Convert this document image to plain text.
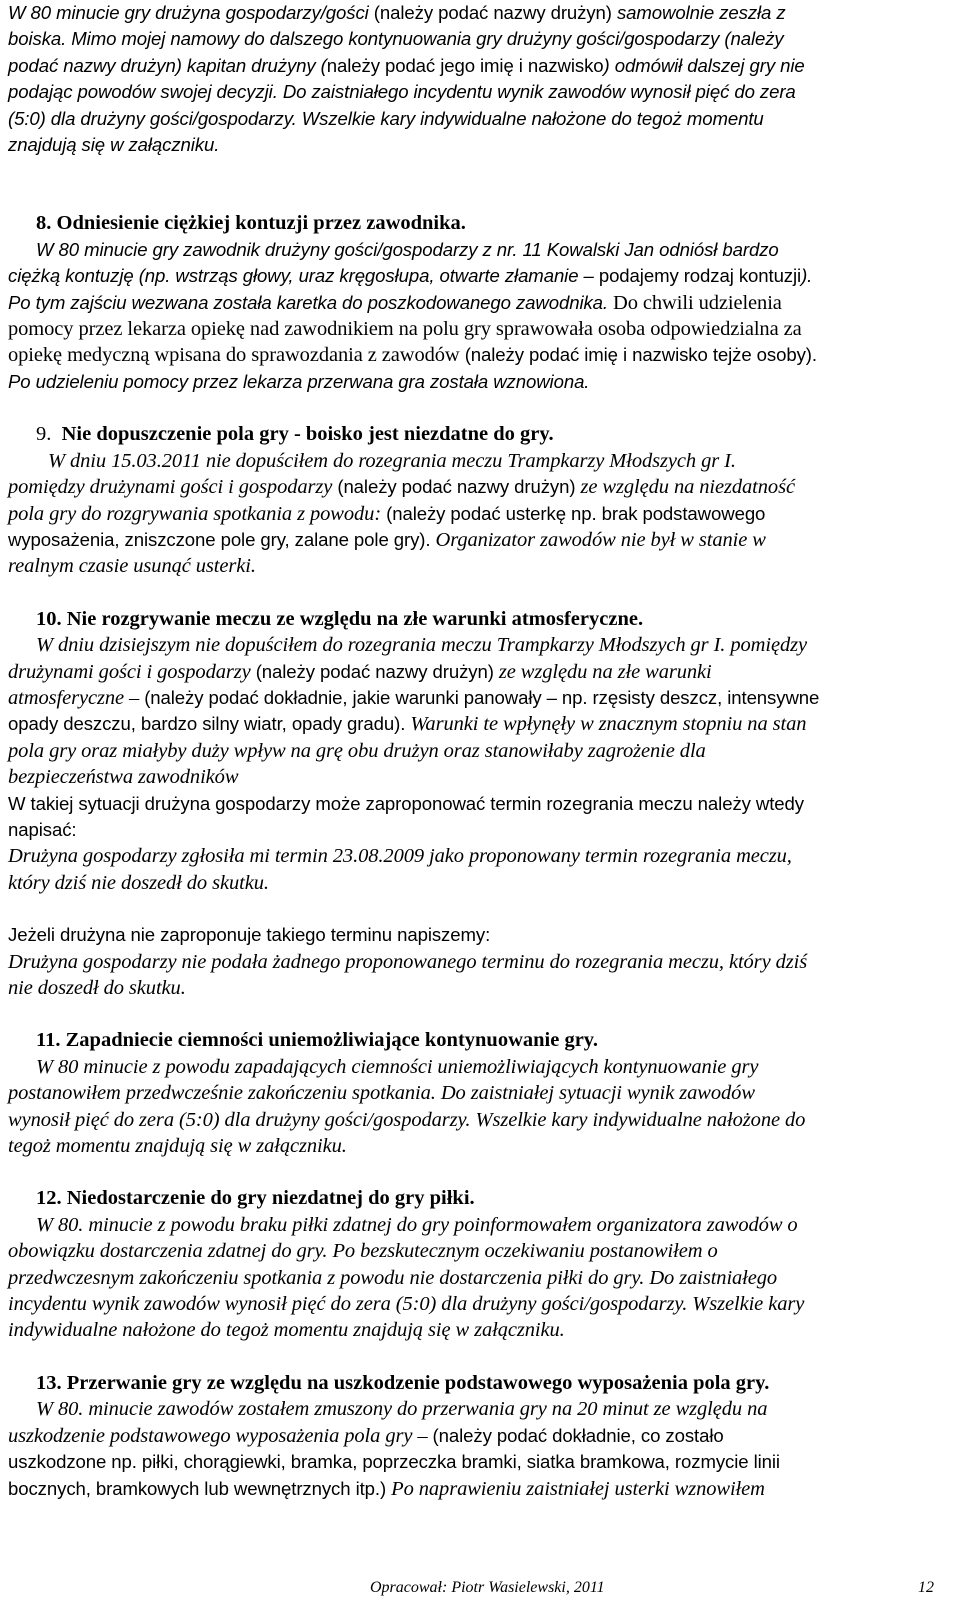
W 80 minucie gry drużyna gospodarzy/gości (należy podać nazwy drużyn) samowolnie zeszła z

boiska. Mimo mojej namowy do dalszego kontynuowania gry drużyny gości/gospodarzy (należy

podać nazwy drużyn) kapitan drużyny (należy podać jego imię i nazwisko) odmówił dalszej gry nie

podając powodów swojej decyzji. Do zaistniałego incydentu wynik zawodów wynosił pięć do zera

(5:0) dla drużyny gości/gospodarzy. Wszelkie kary indywidualne nałożone do tegoż momentu

znajdują się w załączniku.

8. Odniesienie ciężkiej kontuzji przez zawodnika.

W 80 minucie gry zawodnik drużyny gości/gospodarzy z nr. 11 Kowalski Jan odniósł bardzo

ciężką kontuzję (np. wstrząs głowy, uraz kręgosłupa, otwarte złamanie – podajemy rodzaj kontuzji).

Po tym zajściu wezwana została karetka do poszkodowanego zawodnika. Do chwili udzielenia

pomocy przez lekarza opiekę nad zawodnikiem na polu gry sprawowała osoba odpowiedzialna za

opiekę medyczną wpisana do sprawozdania z zawodów (należy podać imię i nazwisko tejże osoby).

Po udzieleniu pomocy przez lekarza przerwana gra została wznowiona.

9. Nie dopuszczenie pola gry - boisko jest niezdatne do gry.

W dniu 15.03.2011 nie dopuściłem do rozegrania meczu Trampkarzy Młodszych gr I.

pomiędzy drużynami gości i gospodarzy (należy podać nazwy drużyn) ze względu na niezdatność

pola gry do rozgrywania spotkania z powodu: (należy podać usterkę np. brak podstawowego

wyposażenia, zniszczone pole gry, zalane pole gry). Organizator zawodów nie był w stanie w

realnym czasie usunąć usterki.

10. Nie rozgrywanie meczu ze względu na złe warunki atmosferyczne.

W dniu dzisiejszym nie dopuściłem do rozegrania meczu Trampkarzy Młodszych gr I. pomiędzy

drużynami gości i gospodarzy (należy podać nazwy drużyn) ze względu na złe warunki

atmosferyczne – (należy podać dokładnie, jakie warunki panowały – np. rzęsisty deszcz, intensywne

opady deszczu, bardzo silny wiatr, opady gradu). Warunki te wpłynęły w znacznym stopniu na stan

pola gry oraz miałyby duży wpływ na grę obu drużyn oraz stanowiłaby zagrożenie dla

bezpieczeństwa zawodników

W takiej sytuacji drużyna gospodarzy może zaproponować termin rozegrania meczu należy wtedy

napisać:

Drużyna gospodarzy zgłosiła mi termin 23.08.2009 jako proponowany termin rozegrania meczu,

który dziś nie doszedł do skutku.

Jeżeli drużyna nie zaproponuje takiego terminu napiszemy:

Drużyna gospodarzy nie podała żadnego proponowanego terminu do rozegrania meczu, który dziś

nie doszedł do skutku.

11. Zapadniecie ciemności uniemożliwiające kontynuowanie gry.

W 80 minucie z powodu zapadających ciemności uniemożliwiających kontynuowanie gry

postanowiłem przedwcześnie zakończeniu spotkania. Do zaistniałej sytuacji wynik zawodów

wynosił pięć do zera (5:0) dla drużyny gości/gospodarzy. Wszelkie kary indywidualne nałożone do

tegoż momentu znajdują się w załączniku.

12. Niedostarczenie do gry niezdatnej do gry piłki.

W 80. minucie z powodu braku piłki zdatnej do gry poinformowałem organizatora zawodów o

obowiązku dostarczenia zdatnej do gry. Po bezskutecznym oczekiwaniu postanowiłem o

przedwczesnym zakończeniu spotkania z powodu nie dostarczenia piłki do gry. Do zaistniałego

incydentu wynik zawodów wynosił pięć do zera (5:0) dla drużyny gości/gospodarzy. Wszelkie kary

indywidualne nałożone do tegoż momentu znajdują się w załączniku.

13. Przerwanie gry ze względu na uszkodzenie podstawowego wyposażenia pola gry.

W 80. minucie zawodów zostałem zmuszony do przerwania gry na 20 minut ze względu na

uszkodzenie podstawowego wyposażenia pola gry – (należy podać dokładnie, co zostało

uszkodzone np. piłki, chorągiewki, bramka, poprzeczka bramki, siatka bramkowa, rozmycie linii

bocznych, bramkowych lub wewnętrznych itp.) Po naprawieniu zaistniałej usterki wznowiłem

Opracował: Piotr Wasielewski, 2011	12
